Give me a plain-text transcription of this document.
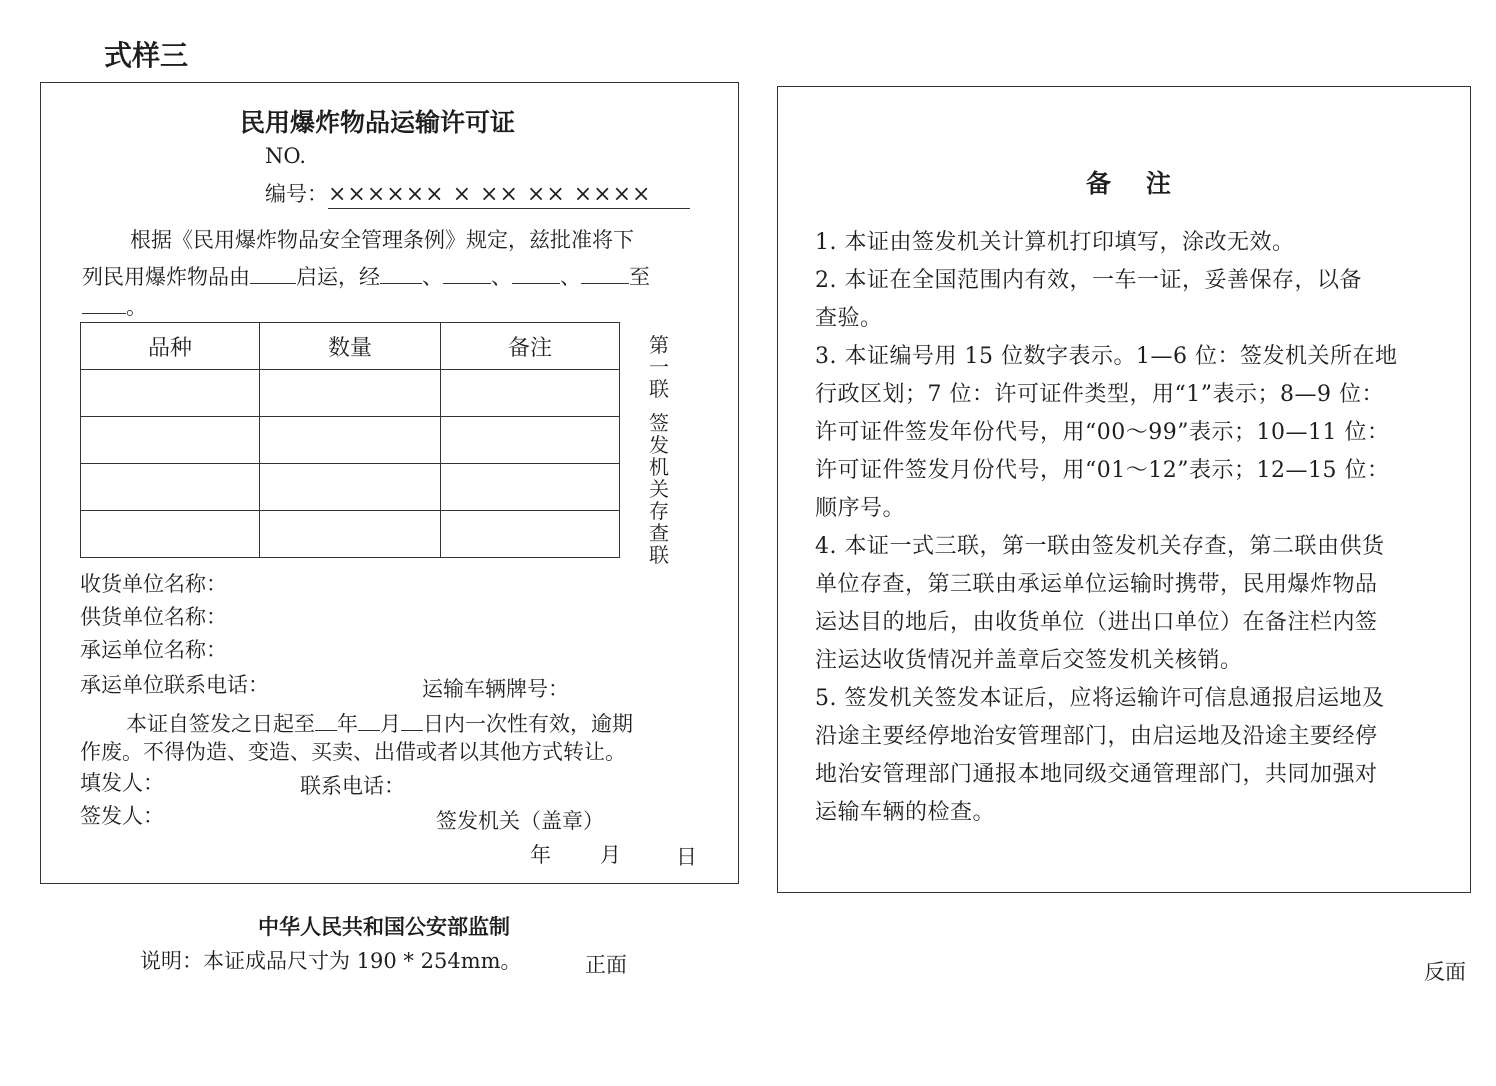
式样三
民用爆炸物品运输许可证
NO.
编号：×××××× × ×× ×× ××××
根据《民用爆炸物品安全管理条例》规定，兹批准将下
列民用爆炸物品由 启运，经 、 、 、 至
。
品种	数量	备注

			第一联
签发机关存查联
收货单位名称：
供货单位名称：
承运单位名称：
承运单位联系电话：	运输车辆牌号：
本证自签发之日起至 年 月 日内一次性有效，逾期
作废。不得伪造、变造、买卖、出借或者以其他方式转让。
填发人：	联系电话：
签发人：	签发机关（盖章）
年 月	日
中华人民共和国公安部监制
说明：本证成品尺寸为 190 * 254mm。	正面
备    注

1. 本证由签发机关计算机打印填写，涂改无效。

2. 本证在全国范围内有效，一车一证，妥善保存，以备

查验。

3. 本证编号用 15 位数字表示。1—6 位：签发机关所在地

行政区划；7 位：许可证件类型，用“1”表示；8—9 位：

许可证件签发年份代号，用“00～99”表示；10—11 位：

许可证件签发月份代号，用“01～12”表示；12—15 位：

顺序号。

4. 本证一式三联，第一联由签发机关存查，第二联由供货

单位存查，第三联由承运单位运输时携带，民用爆炸物品

运达目的地后，由收货单位（进出口单位）在备注栏内签

注运达收货情况并盖章后交签发机关核销。

5. 签发机关签发本证后，应将运输许可信息通报启运地及

沿途主要经停地治安管理部门，由启运地及沿途主要经停

地治安管理部门通报本地同级交通管理部门，共同加强对

运输车辆的检查。

反面
